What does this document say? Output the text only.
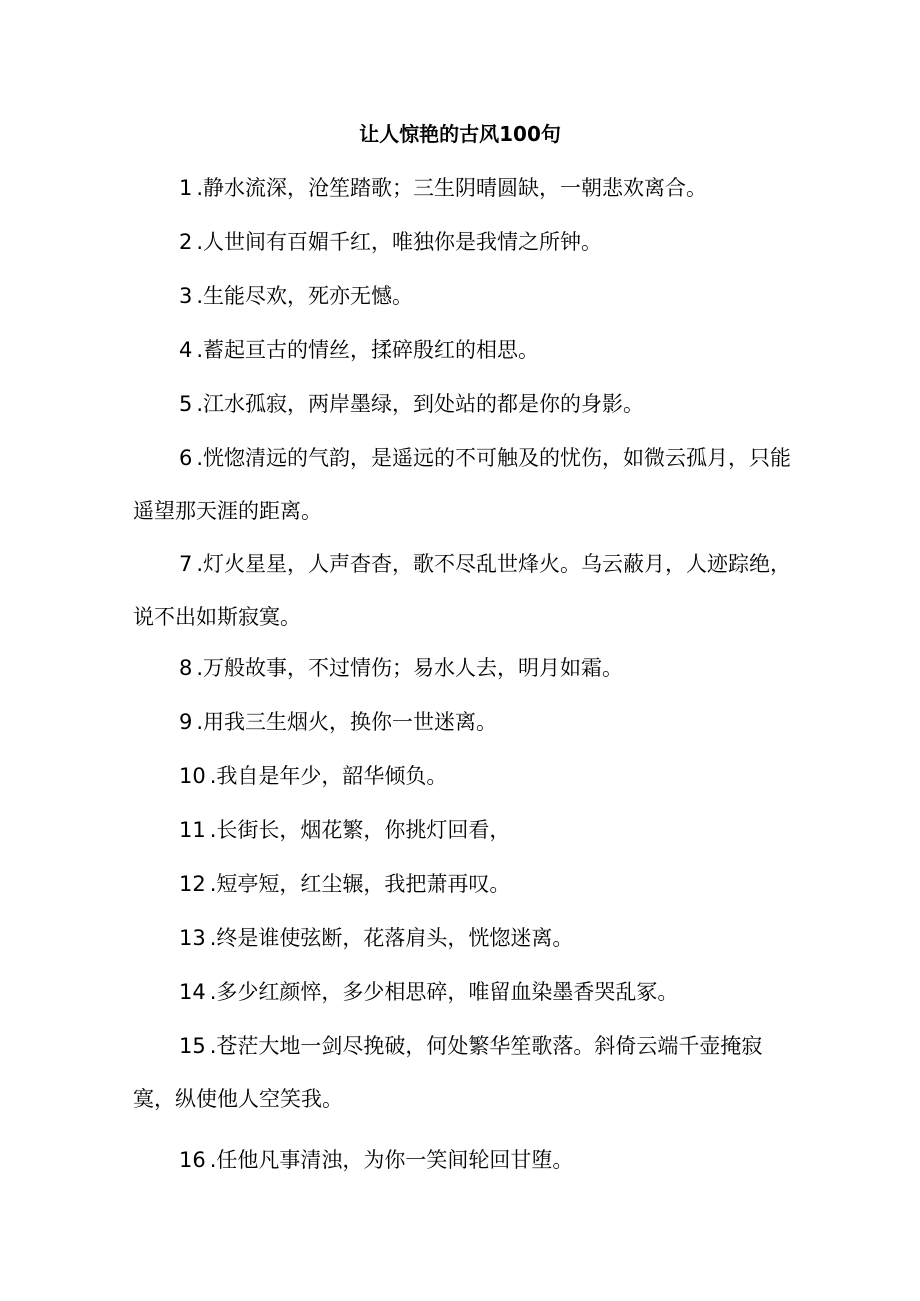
让人惊艳的古风100句
1 .静水流深，沧笙踏歌；三生阴晴圆缺，一朝悲欢离合。
2 .人世间有百媚千红，唯独你是我情之所钟。
3 .生能尽欢，死亦无憾。
4 .蓄起亘古的情丝，揉碎殷红的相思。
5 .江水孤寂，两岸墨绿，到处站的都是你的身影。
6 .恍惚清远的气韵，是遥远的不可触及的忧伤，如微云孤月，只能遥望那天涯的距离。
7 .灯火星星，人声杳杳，歌不尽乱世烽火。乌云蔽月，人迹踪绝，说不出如斯寂寞。
8 .万般故事，不过情伤；易水人去，明月如霜。
9 .用我三生烟火，换你一世迷离。
10 .我自是年少，韶华倾负。
11 .长街长，烟花繁，你挑灯回看，
12 .短亭短，红尘辗，我把萧再叹。
13 .终是谁使弦断，花落肩头，恍惚迷离。
14 .多少红颜悴，多少相思碎，唯留血染墨香哭乱冢。
15 .苍茫大地一剑尽挽破，何处繁华笙歌落。斜倚云端千壶掩寂寞，纵使他人空笑我。
16 .任他凡事清浊，为你一笑间轮回甘堕。
